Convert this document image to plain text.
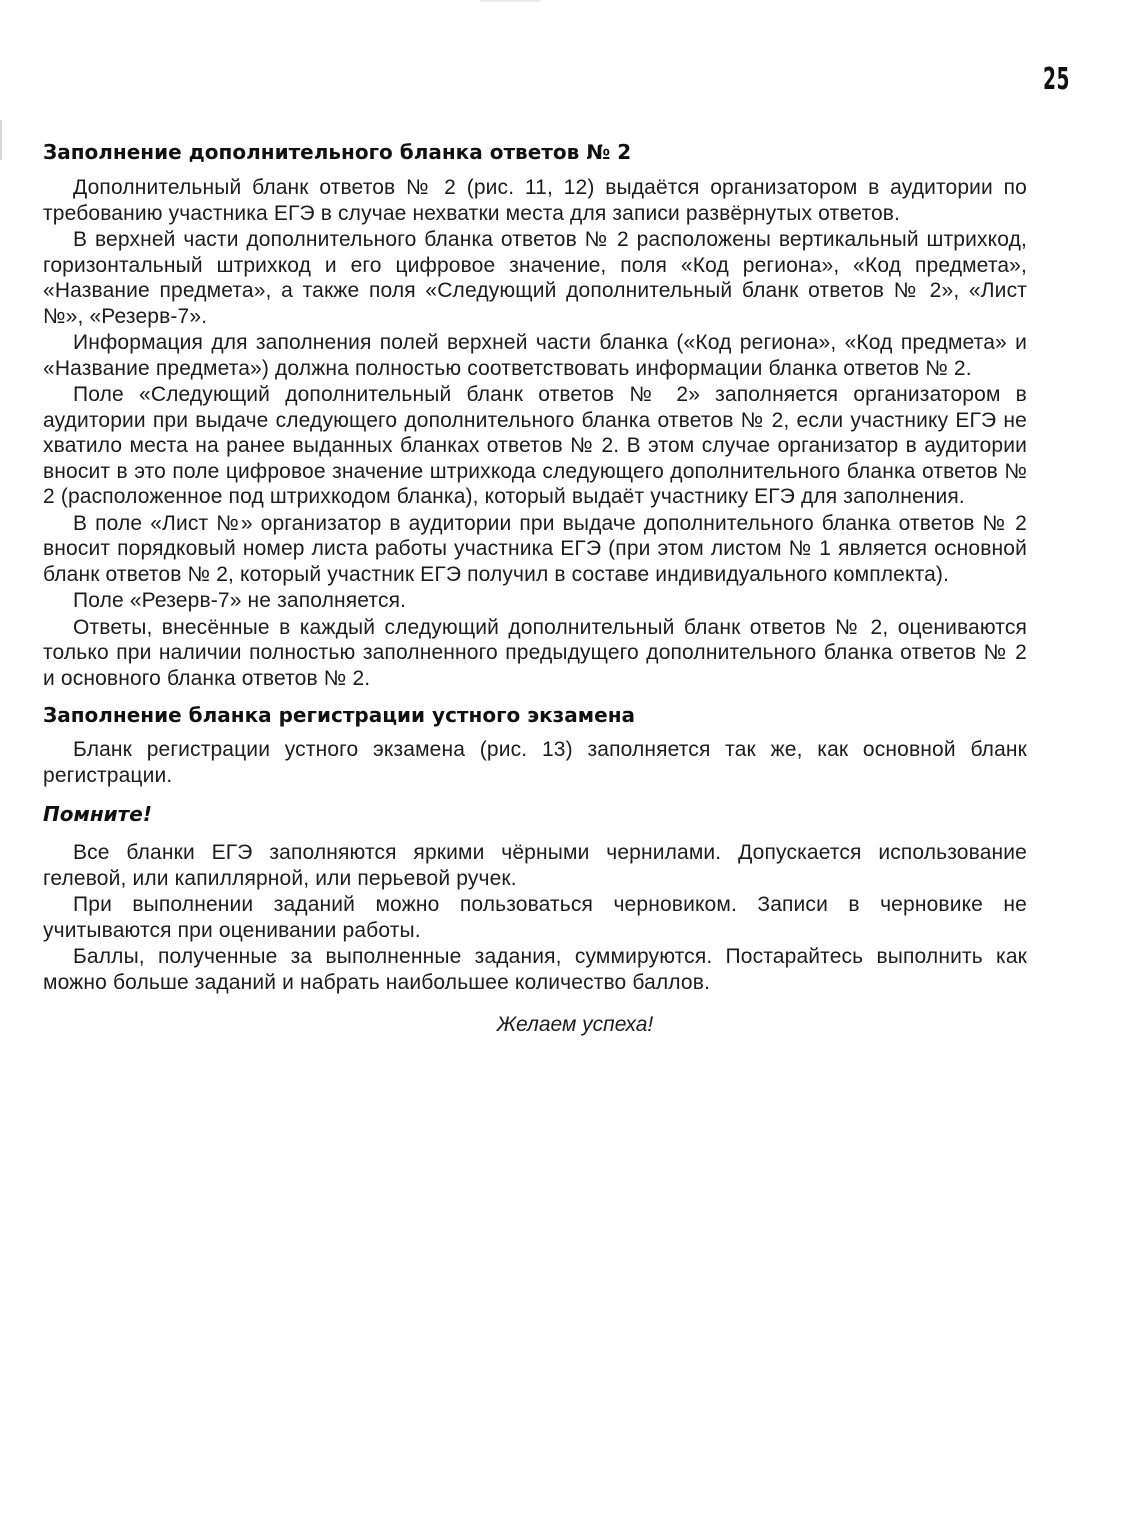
25
Заполнение дополнительного бланка ответов № 2

Дополнительный бланк ответов № 2 (рис. 11, 12) выдаётся организатором в аудитории по требованию участника ЕГЭ в случае нехватки места для записи развёрнутых ответов.

В верхней части дополнительного бланка ответов № 2 расположены вертикальный штрихкод, горизонтальный штрихкод и его цифровое значение, поля «Код региона», «Код предмета», «Название предмета», а также поля «Следующий дополнительный бланк ответов № 2», «Лист №», «Резерв-7».

Информация для заполнения полей верхней части бланка («Код региона», «Код предмета» и «Название предмета») должна полностью соответствовать информации бланка ответов № 2.

Поле «Следующий дополнительный бланк ответов № 2» заполняется организатором в аудитории при выдаче следующего дополнительного бланка ответов № 2, если участнику ЕГЭ не хватило места на ранее выданных бланках ответов № 2. В этом случае организатор в аудитории вносит в это поле цифровое значение штрихкода следующего дополнительного бланка ответов № 2 (расположенное под штрихкодом бланка), который выдаёт участнику ЕГЭ для заполнения.

В поле «Лист №» организатор в аудитории при выдаче дополнительного бланка ответов № 2 вносит порядковый номер листа работы участника ЕГЭ (при этом листом № 1 является основной бланк ответов № 2, который участник ЕГЭ получил в составе индивидуального комплекта).

Поле «Резерв-7» не заполняется.

Ответы, внесённые в каждый следующий дополнительный бланк ответов № 2, оцениваются только при наличии полностью заполненного предыдущего дополнительного бланка ответов № 2 и основного бланка ответов № 2.

Заполнение бланка регистрации устного экзамена

Бланк регистрации устного экзамена (рис. 13) заполняется так же, как основной бланк регистрации.

Помните!

Все бланки ЕГЭ заполняются яркими чёрными чернилами. Допускается использование гелевой, или капиллярной, или перьевой ручек.

При выполнении заданий можно пользоваться черновиком. Записи в черновике не учитываются при оценивании работы.

Баллы, полученные за выполненные задания, суммируются. Постарайтесь выполнить как можно больше заданий и набрать наибольшее количество баллов.

Желаем успеха!
